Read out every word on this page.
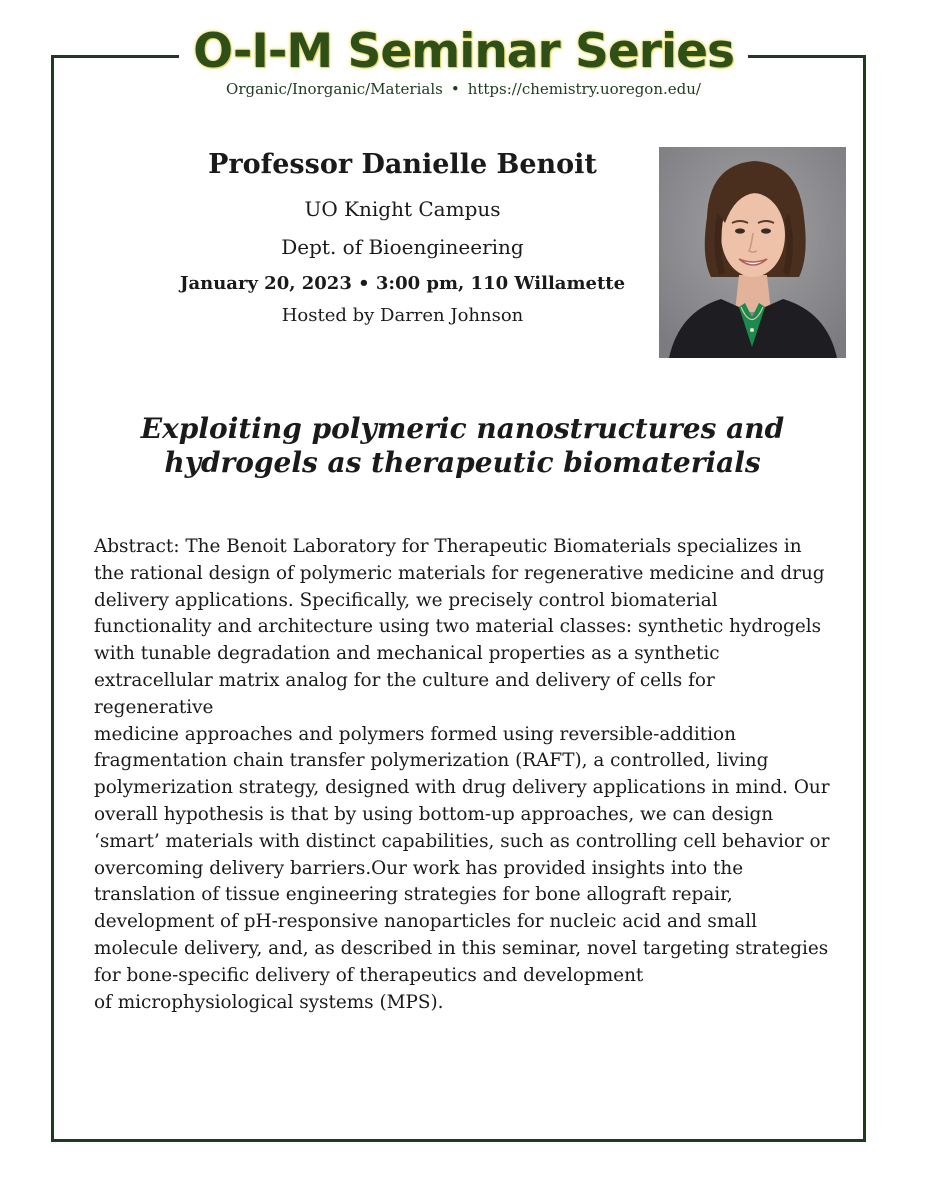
O-I-M Seminar Series
Organic/Inorganic/Materials • https://chemistry.uoregon.edu/
Professor Danielle Benoit
UO Knight Campus
Dept. of Bioengineering
January 20, 2023 • 3:00 pm, 110 Willamette
Hosted by Darren Johnson
Exploiting polymeric nanostructures and
hydrogels as therapeutic biomaterials
Abstract: The Benoit Laboratory for Therapeutic Biomaterials specializes in
the rational design of polymeric materials for regenerative medicine and drug
delivery applications. Specifically, we precisely control biomaterial
functionality and architecture using two material classes: synthetic hydrogels
with tunable degradation and mechanical properties as a synthetic
extracellular matrix analog for the culture and delivery of cells for regenerative
medicine approaches and polymers formed using reversible-addition
fragmentation chain transfer polymerization (RAFT), a controlled, living
polymerization strategy, designed with drug delivery applications in mind. Our
overall hypothesis is that by using bottom-up approaches, we can design
‘smart’ materials with distinct capabilities, such as controlling cell behavior or
overcoming delivery barriers.Our work has provided insights into the
translation of tissue engineering strategies for bone allograft repair,
development of pH-responsive nanoparticles for nucleic acid and small
molecule delivery, and, as described in this seminar, novel targeting strategies
for bone-specific delivery of therapeutics and development
of microphysiological systems (MPS).
